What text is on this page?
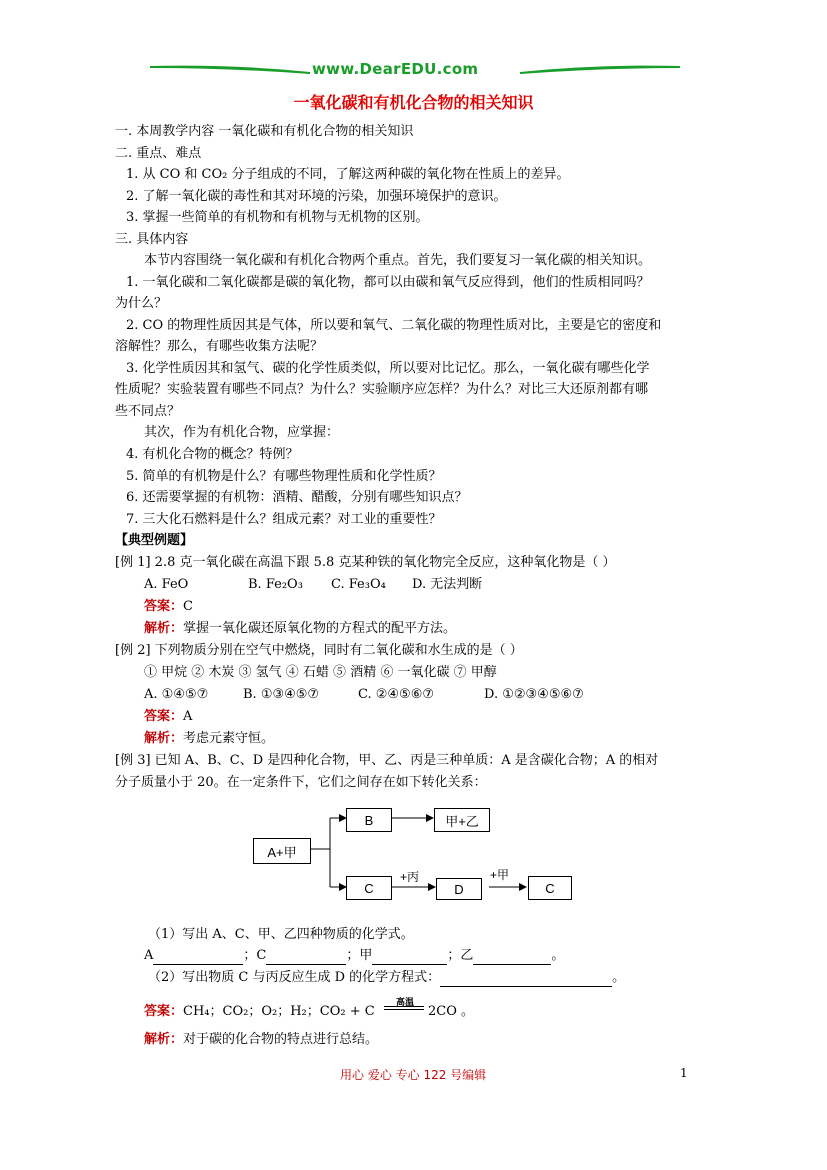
www.DearEDU.com
一氧化碳和有机化合物的相关知识
一. 本周教学内容 一氧化碳和有机化合物的相关知识
二. 重点、难点
1. 从 CO 和 CO₂ 分子组成的不同，了解这两种碳的氧化物在性质上的差异。
2. 了解一氧化碳的毒性和其对环境的污染，加强环境保护的意识。
3. 掌握一些简单的有机物和有机物与无机物的区别。
三. 具体内容
本节内容围绕一氧化碳和有机化合物两个重点。首先，我们要复习一氧化碳的相关知识。
1. 一氧化碳和二氧化碳都是碳的氧化物，都可以由碳和氧气反应得到，他们的性质相同吗？
为什么？
2. CO 的物理性质因其是气体，所以要和氧气、二氧化碳的物理性质对比，主要是它的密度和
溶解性？那么，有哪些收集方法呢？
3. 化学性质因其和氢气、碳的化学性质类似，所以要对比记忆。那么，一氧化碳有哪些化学
性质呢？实验装置有哪些不同点？为什么？实验顺序应怎样？为什么？对比三大还原剂都有哪
些不同点？
其次，作为有机化合物，应掌握：
4. 有机化合物的概念？特例？
5. 简单的有机物是什么？有哪些物理性质和化学性质？
6. 还需要掌握的有机物：酒精、醋酸，分别有哪些知识点？
7. 三大化石燃料是什么？组成元素？对工业的重要性？
【典型例题】
[例 1] 2.8 克一氧化碳在高温下跟 5.8 克某种铁的氧化物完全反应，这种氧化物是（ ）
A. FeO	B. Fe₂O₃ C. Fe₃O₄ D. 无法判断
答案：C
解析：掌握一氧化碳还原氧化物的方程式的配平方法。
[例 2] 下列物质分别在空气中燃烧，同时有二氧化碳和水生成的是（ ）
① 甲烷 ② 木炭 ③ 氢气 ④ 石蜡 ⑤ 酒精 ⑥ 一氧化碳 ⑦ 甲醇
A. ①④⑤⑦	B. ①③④⑤⑦	C. ②④⑤⑥⑦	D. ①②③④⑤⑥⑦
答案：A
解析：考虑元素守恒。
[例 3] 已知 A、B、C、D 是四种化合物，甲、乙、丙是三种单质：A 是含碳化合物；A 的相对
分子质量小于 20。在一定条件下，它们之间存在如下转化关系：
A+甲
B	甲+乙
C
+丙
D
+甲
C
（1）写出 A、C、甲、乙四种物质的化学式。
A	；C	；甲	；乙	。
（2）写出物质 C 与丙反应生成 D 的化学方程式：	。
答案：CH₄；CO₂；O₂；H₂；CO₂ + C
高温
2CO 。
解析：对于碳的化合物的特点进行总结。
用心 爱心 专心 122 号编辑	1
